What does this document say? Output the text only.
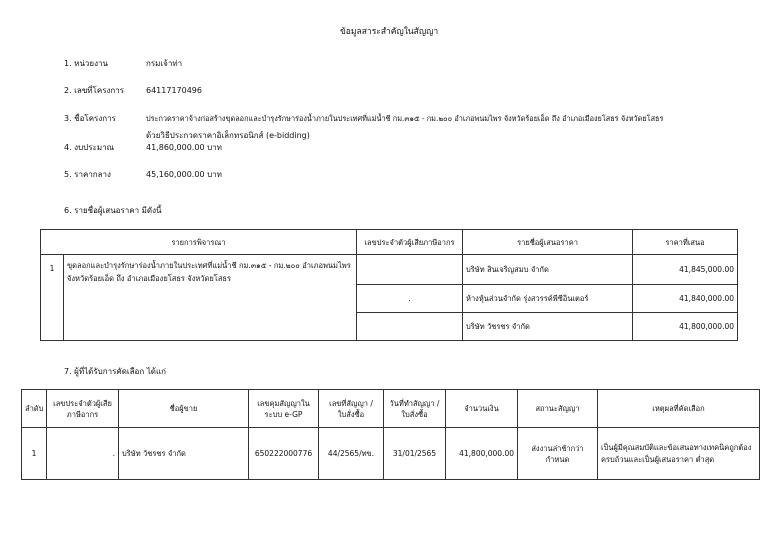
ข้อมูลสาระสำคัญในสัญญา
1. หน่วยงาน	กรมเจ้าท่า
2. เลขที่โครงการ	64117170496
3. ชื่อโครงการ	ประกวดราคาจ้างก่อสร้างขุดลอกและบำรุงรักษาร่องน้ำภายในประเทศที่แม่น้ำชี กม.๓๑๕ - กม.๒๐๐ อำเภอพนมไพร จังหวัดร้อยเอ็ด ถึง อำเภอเมืองยโสธร จังหวัดยโสธร
ด้วยวิธีประกวดราคาอิเล็กทรอนิกส์ (e-bidding)
4. งบประมาณ	41,860,000.00 บาท
5. ราคากลาง	45,160,000.00 บาท
6. รายชื่อผู้เสนอราคา มีดังนี้
รายการพิจารณา		เลขประจำตัวผู้เสียภาษีอากร	รายชื่อผู้เสนอราคา	ราคาที่เสนอ
1	ขุดลอกและบำรุงรักษาร่องน้ำภายในประเทศที่แม่น้ำชี กม.๓๑๕ - กม.๒๐๐ อำเภอพนมไพร จังหวัดร้อยเอ็ด ถึง อำเภอเมืองยโสธร จังหวัดยโสธร		บริษัท สินเจริญสมบ จำกัด	41,845,000.00
		.	ห้างหุ้นส่วนจำกัด รุ่งสวรรค์พีซีอินเตอร์	41,840,000.00
			บริษัท วัชรชร จำกัด	41,800,000.00
7. ผู้ที่ได้รับการคัดเลือก ได้แก่
ลำดับ	เลขประจำตัวผู้เสียภาษีอากร	ชื่อผู้ขาย	เลขคุมสัญญาในระบบ e-GP	เลขที่สัญญา / ใบสั่งซื้อ	วันที่ทำสัญญา / ใบสั่งซื้อ	จำนวนเงิน	สถานะสัญญา	เหตุผลที่คัดเลือก
1	.	บริษัท วัชรชร จำกัด	650222000776	44/2565/ทข.	31/01/2565	41,800,000.00	ส่งงานล่าช้ากว่ากำหนด	เป็นผู้มีคุณสมบัติและข้อเสนอทางเทคนิคถูกต้องครบถ้วนและเป็นผู้เสนอราคา ต่ำสุด
